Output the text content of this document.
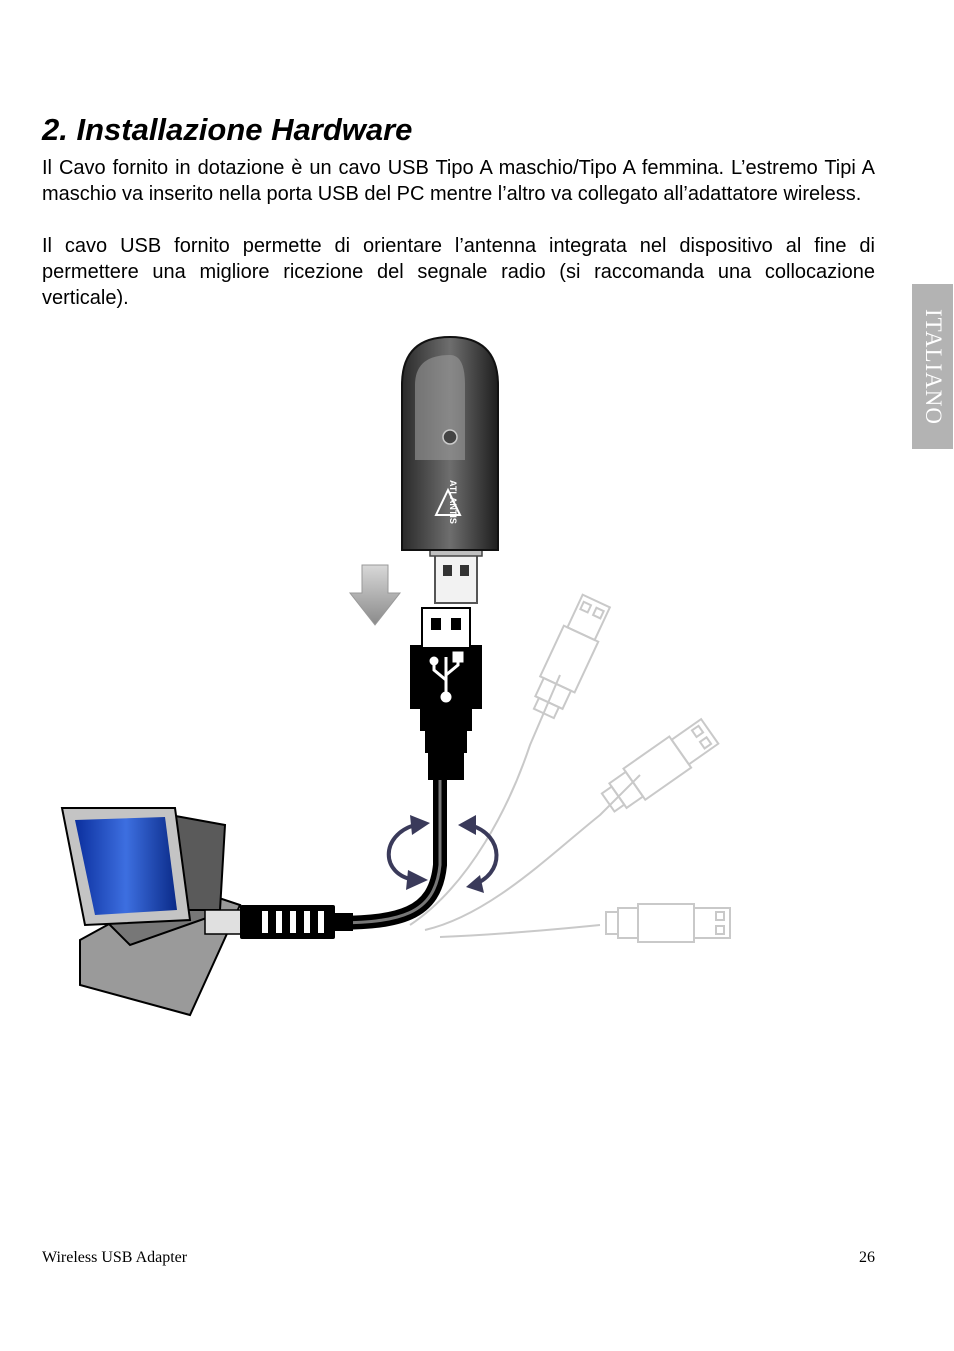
2. Installazione Hardware

Il Cavo fornito in dotazione è un cavo USB Tipo A maschio/Tipo A femmina. L’estremo Tipi A maschio va inserito nella porta USB del PC mentre l’altro va collegato all’adattatore wireless.

Il cavo USB fornito permette di orientare l’antenna integrata nel dispositivo al fine di permettere una migliore ricezione del segnale radio (si raccomanda una collocazione verticale).

ITALIANO
ATLANTIS
Wireless USB Adapter	26
